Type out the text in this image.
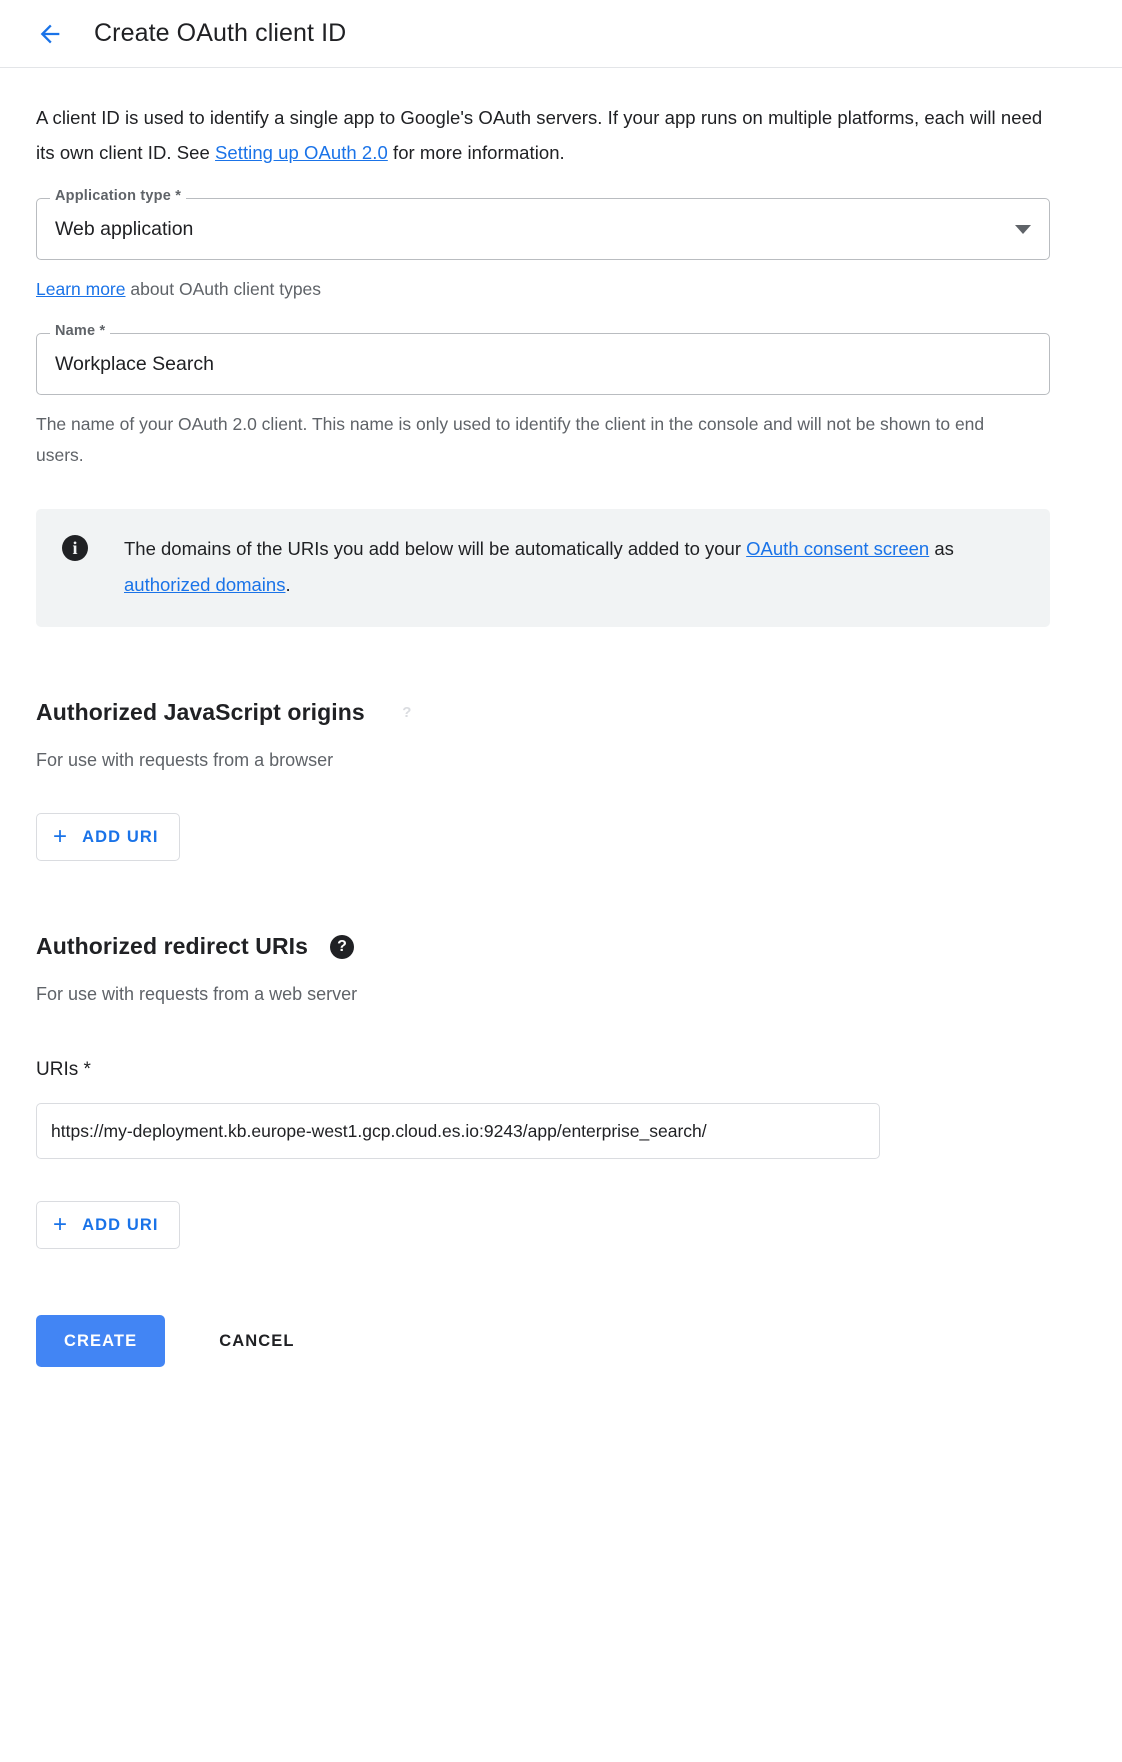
Create OAuth client ID

A client ID is used to identify a single app to Google's OAuth servers. If your app runs on multiple platforms, each will need its own client ID. See Setting up OAuth 2.0 for more information.

Application type *
Web application
Learn more about OAuth client types
Name *
Workplace Search
The name of your OAuth 2.0 client. This name is only used to identify the client in the console and will not be shown to end users.
i	The domains of the URIs you add below will be automatically added to your OAuth consent screen as authorized domains.
Authorized JavaScript origins	?
For use with requests from a browser
+ ADD URI
Authorized redirect URIs	?
For use with requests from a web server
URIs *
https://my-deployment.kb.europe-west1.gcp.cloud.es.io:9243/app/enterprise_search/
+ ADD URI
CREATE	CANCEL
